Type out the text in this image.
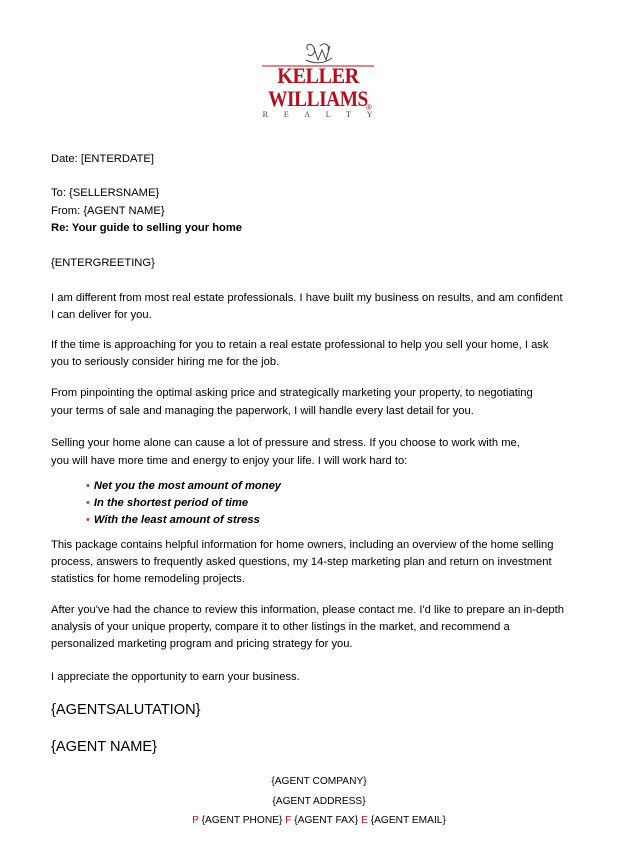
KELLER
WILLIAMS
R E A L T Y
®
Date: [ENTERDATE]
To: {SELLERSNAME}
From: {AGENT NAME}
Re: Your guide to selling your home
{ENTERGREETING}
I am different from most real estate professionals. I have built my business on results, and am confident
I can deliver for you.
If the time is approaching for you to retain a real estate professional to help you sell your home, I ask
you to seriously consider hiring me for the job.
From pinpointing the optimal asking price and strategically marketing your property, to negotiating
your terms of sale and managing the paperwork, I will handle every last detail for you.
Selling your home alone can cause a lot of pressure and stress. If you choose to work with me,
you will have more time and energy to enjoy your life. I will work hard to:
• Net you the most amount of money
• In the shortest period of time
• With the least amount of stress
This package contains helpful information for home owners, including an overview of the home selling
process, answers to frequently asked questions, my 14-step marketing plan and return on investment
statistics for home remodeling projects.
After you've had the chance to review this information, please contact me. I'd like to prepare an in-depth
analysis of your unique property, compare it to other listings in the market, and recommend a
personalized marketing program and pricing strategy for you.
I appreciate the opportunity to earn your business.
{AGENTSALUTATION}
{AGENT NAME}
{AGENT COMPANY}
{AGENT ADDRESS}
P {AGENT PHONE} F {AGENT FAX} E {AGENT EMAIL}
